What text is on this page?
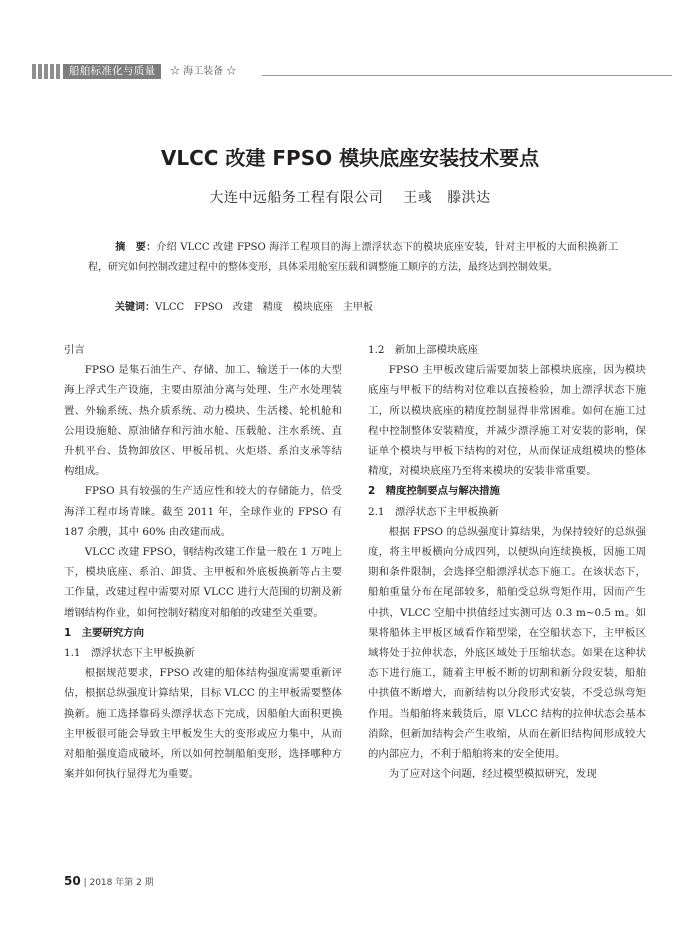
船舶标准化与质量	☆ 海工装备 ☆
VLCC 改建 FPSO 模块底座安装技术要点
大连中远船务工程有限公司    王彧   滕洪达
摘　要：介绍 VLCC 改建 FPSO 海洋工程项目的海上漂浮状态下的模块底座安装，针对主甲板的大面积换新工程，研究如何控制改建过程中的整体变形，具体采用舱室压载和调整施工顺序的方法，最终达到控制效果。
关键词：VLCC　FPSO　改建　精度　模块底座　主甲板
引言

FPSO 是集石油生产、存储、加工、输送于一体的大型海上浮式生产设施，主要由原油分离与处理、生产水处理装置、外输系统、热介质系统、动力模块、生活楼、轮机舱和公用设施舱、原油储存和污油水舱、压载舱、注水系统、直升机平台、货物卸放区、甲板吊机、火炬塔、系泊支承等结构组成。

FPSO 具有较强的生产适应性和较大的存储能力，倍受海洋工程市场青睐。截至 2011 年，全球作业的 FPSO 有 187 余艘，其中 60% 由改建而成。

VLCC 改建 FPSO，钢结构改建工作量一般在 1 万吨上下，模块底座、系泊、卸货、主甲板和外底板换新等占主要工作量，改建过程中需要对原 VLCC 进行大范围的切割及新增钢结构作业，如何控制好精度对船舶的改建至关重要。

1　主要研究方向
1.1　漂浮状态下主甲板换新

根据规范要求，FPSO 改建的船体结构强度需要重新评估，根据总纵强度计算结果，目标 VLCC 的主甲板需要整体换新。施工选择靠码头漂浮状态下完成，因船舶大面积更换主甲板很可能会导致主甲板发生大的变形或应力集中，从而对船舶强度造成破坏，所以如何控制船舶变形，选择哪种方案并如何执行显得尤为重要。

1.2　新加上部模块底座

FPSO 主甲板改建后需要加装上部模块底座，因为模块底座与甲板下的结构对位难以直接检验，加上漂浮状态下施工，所以模块底座的精度控制显得非常困难。如何在施工过程中控制整体安装精度，并减少漂浮施工对安装的影响，保证单个模块与甲板下结构的对位，从而保证成组模块的整体精度，对模块底座乃至将来模块的安装非常重要。

2　精度控制要点与解决措施
2.1　漂浮状态下主甲板换新

根据 FPSO 的总纵强度计算结果，为保持较好的总纵强度，将主甲板横向分成四列，以便纵向连续换板，因施工周期和条件限制，会选择空船漂浮状态下施工。在该状态下，船舶重量分布在尾部较多，船舶受总纵弯矩作用，因而产生中拱，VLCC 空船中拱值经过实测可达 0.3 m~0.5 m。如果将船体主甲板区域看作箱型梁，在空船状态下，主甲板区域将处于拉伸状态，外底区域处于压缩状态。如果在这种状态下进行施工，随着主甲板不断的切割和新分段安装，船舶中拱值不断增大，而新结构以分段形式安装，不受总纵弯矩作用。当船舶将来载货后，原 VLCC 结构的拉伸状态会基本消除，但新加结构会产生收缩，从而在新旧结构间形成较大的内部应力，不利于船舶将来的安全使用。

为了应对这个问题，经过模型模拟研究，发现

50 | 2018 年第 2 期
